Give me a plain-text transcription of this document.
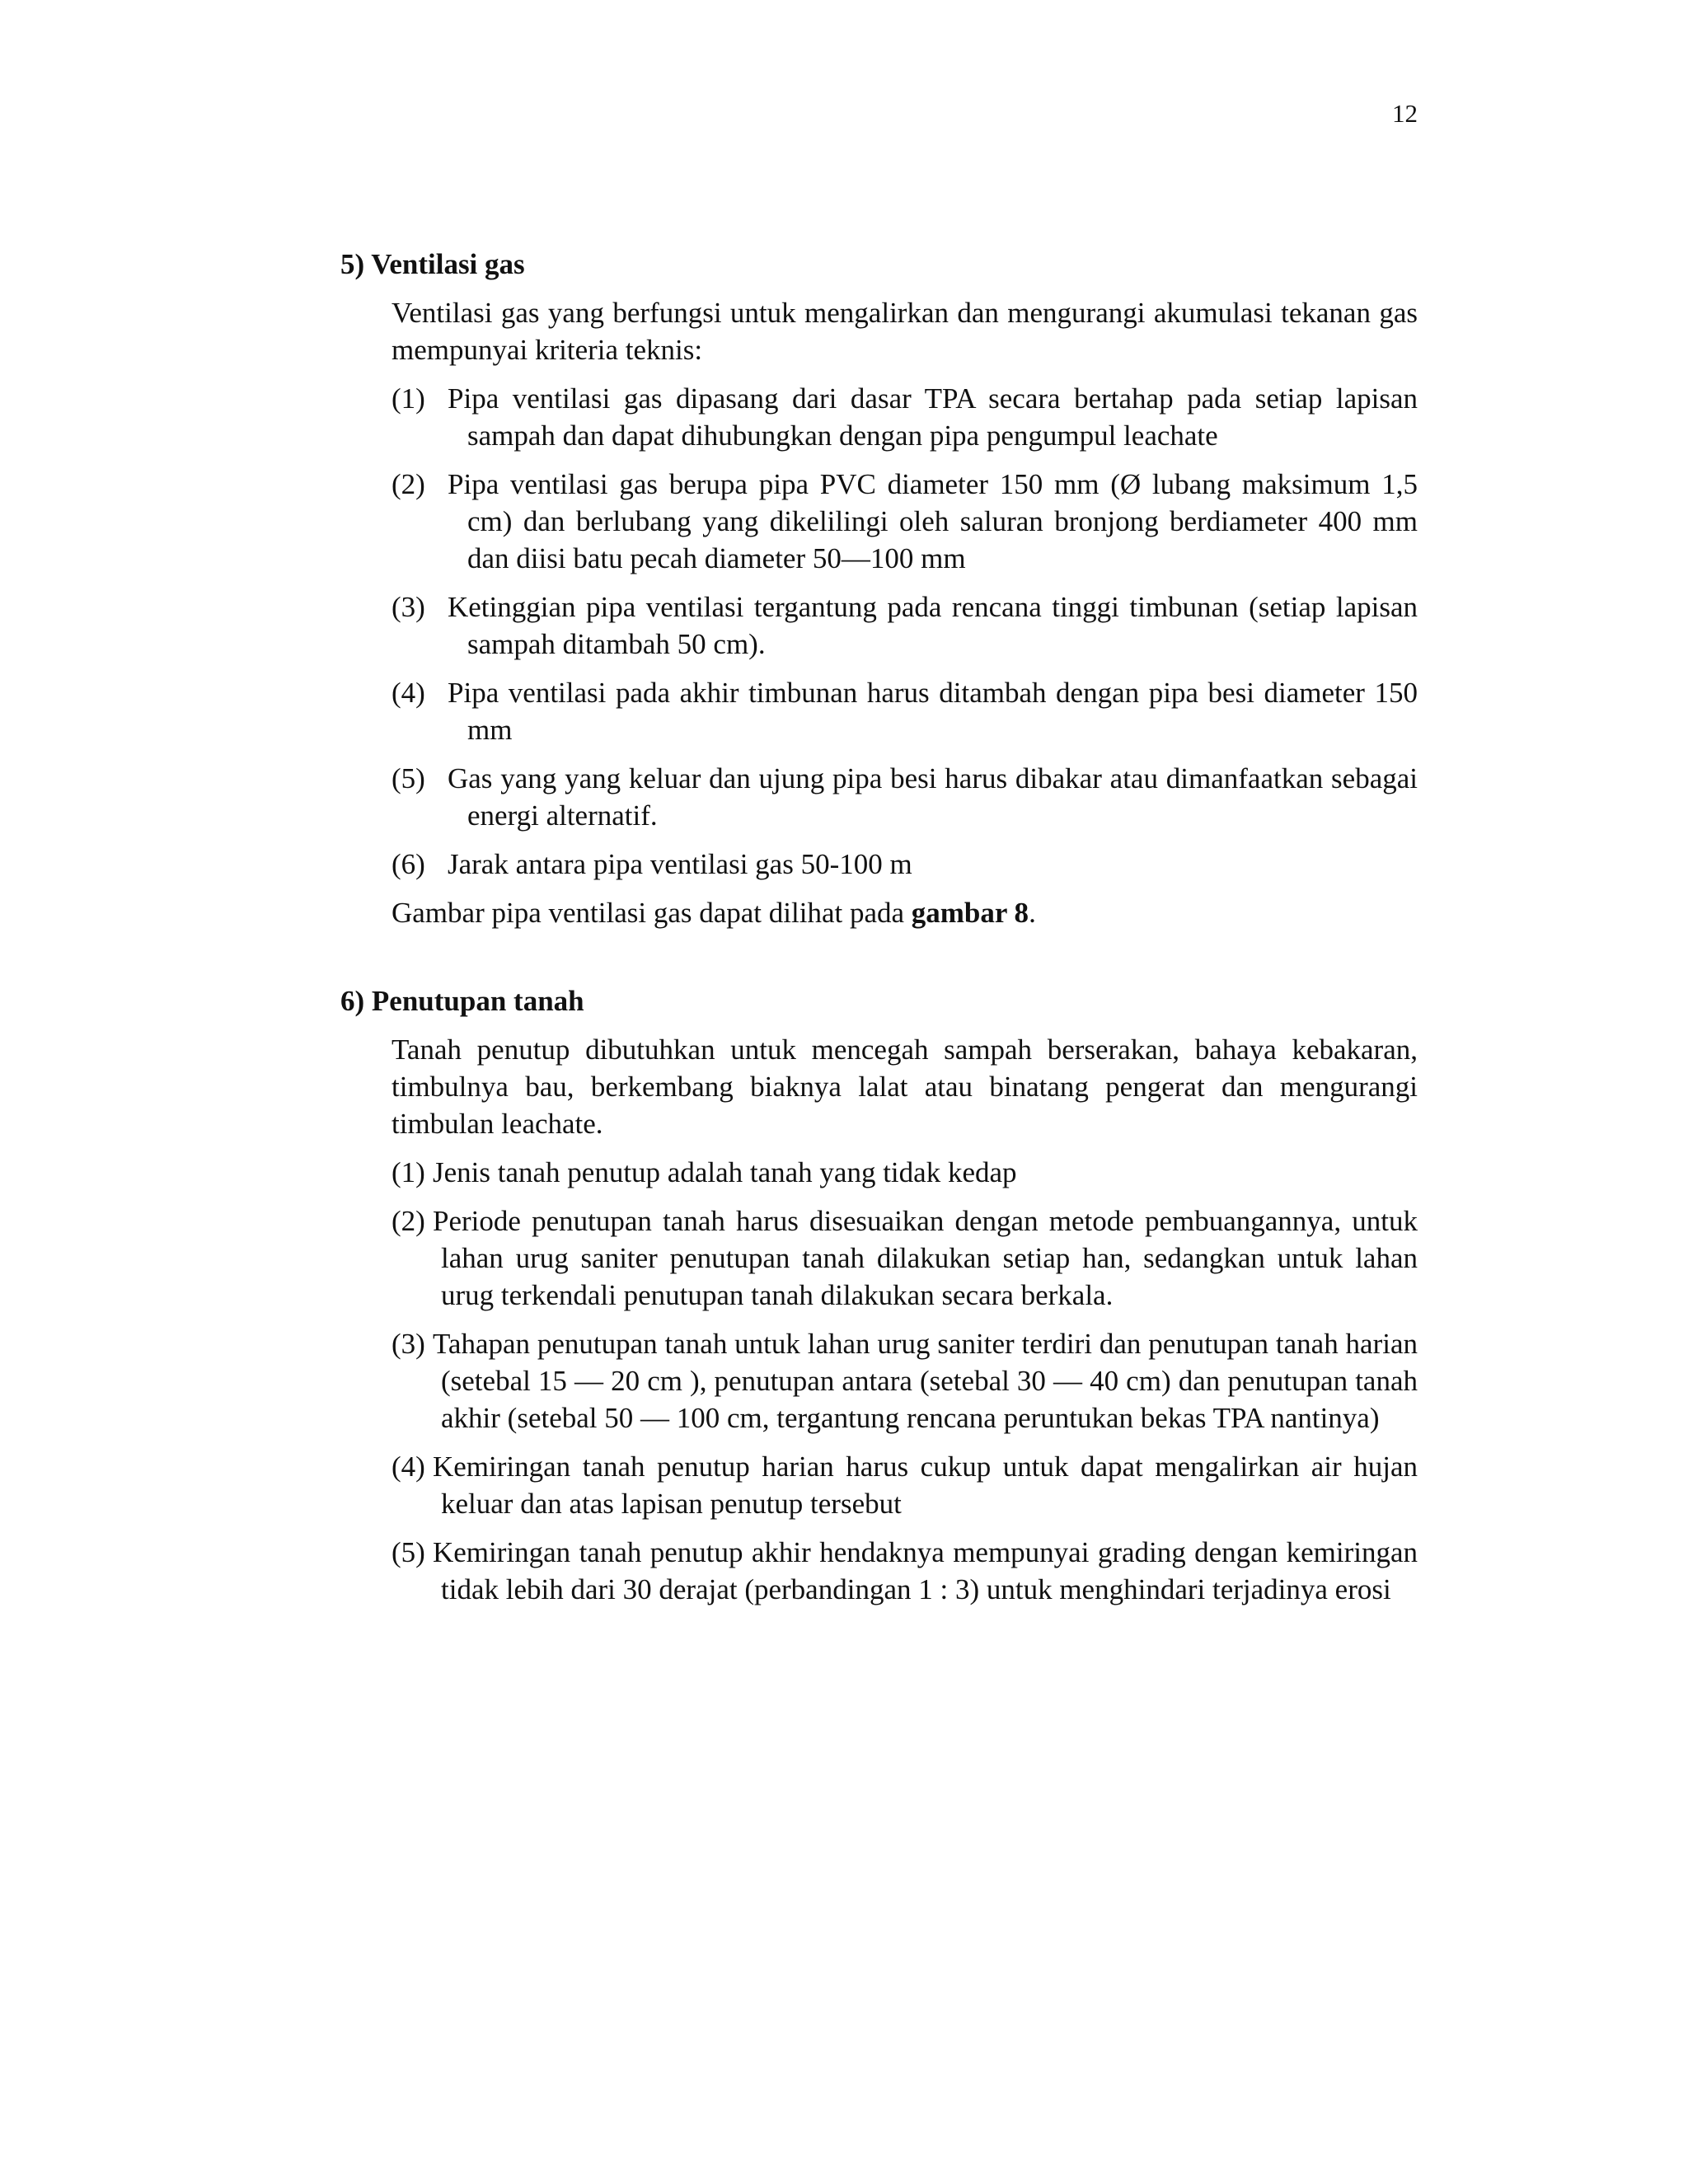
12
5) Ventilasi gas

Ventilasi gas yang berfungsi untuk mengalirkan dan mengurangi akumulasi tekanan gas mempunyai kriteria teknis:

(1) Pipa ventilasi gas dipasang dari dasar TPA secara bertahap pada setiap lapisan sampah dan dapat dihubungkan dengan pipa pengumpul leachate
(2) Pipa ventilasi gas berupa pipa PVC diameter 150 mm (Ø lubang maksimum 1,5 cm) dan berlubang yang dikelilingi oleh saluran bronjong berdiameter 400 mm dan diisi batu pecah diameter 50—100 mm
(3) Ketinggian pipa ventilasi tergantung pada rencana tinggi timbunan (setiap lapisan sampah ditambah 50 cm).
(4) Pipa ventilasi pada akhir timbunan harus ditambah dengan pipa besi diameter 150 mm
(5) Gas yang yang keluar dan ujung pipa besi harus dibakar atau dimanfaatkan sebagai energi alternatif.
(6) Jarak antara pipa ventilasi gas 50-100 m

Gambar pipa ventilasi gas dapat dilihat pada gambar 8.

6) Penutupan tanah

Tanah penutup dibutuhkan untuk mencegah sampah berserakan, bahaya kebakaran, timbulnya bau, berkembang biaknya lalat atau binatang pengerat dan mengurangi timbulan leachate.

(1) Jenis tanah penutup adalah tanah yang tidak kedap
(2) Periode penutupan tanah harus disesuaikan dengan metode pembuangannya, untuk lahan urug saniter penutupan tanah dilakukan setiap han, sedangkan untuk lahan urug terkendali penutupan tanah dilakukan secara berkala.
(3) Tahapan penutupan tanah untuk lahan urug saniter terdiri dan penutupan tanah harian (setebal 15 — 20 cm ), penutupan antara (setebal 30 — 40 cm) dan penutupan tanah akhir (setebal 50 — 100 cm, tergantung rencana peruntukan bekas TPA nantinya)
(4) Kemiringan tanah penutup harian harus cukup untuk dapat mengalirkan air hujan keluar dan atas lapisan penutup tersebut
(5) Kemiringan tanah penutup akhir hendaknya mempunyai grading dengan kemiringan tidak lebih dari 30 derajat (perbandingan 1 : 3) untuk menghindari terjadinya erosi
